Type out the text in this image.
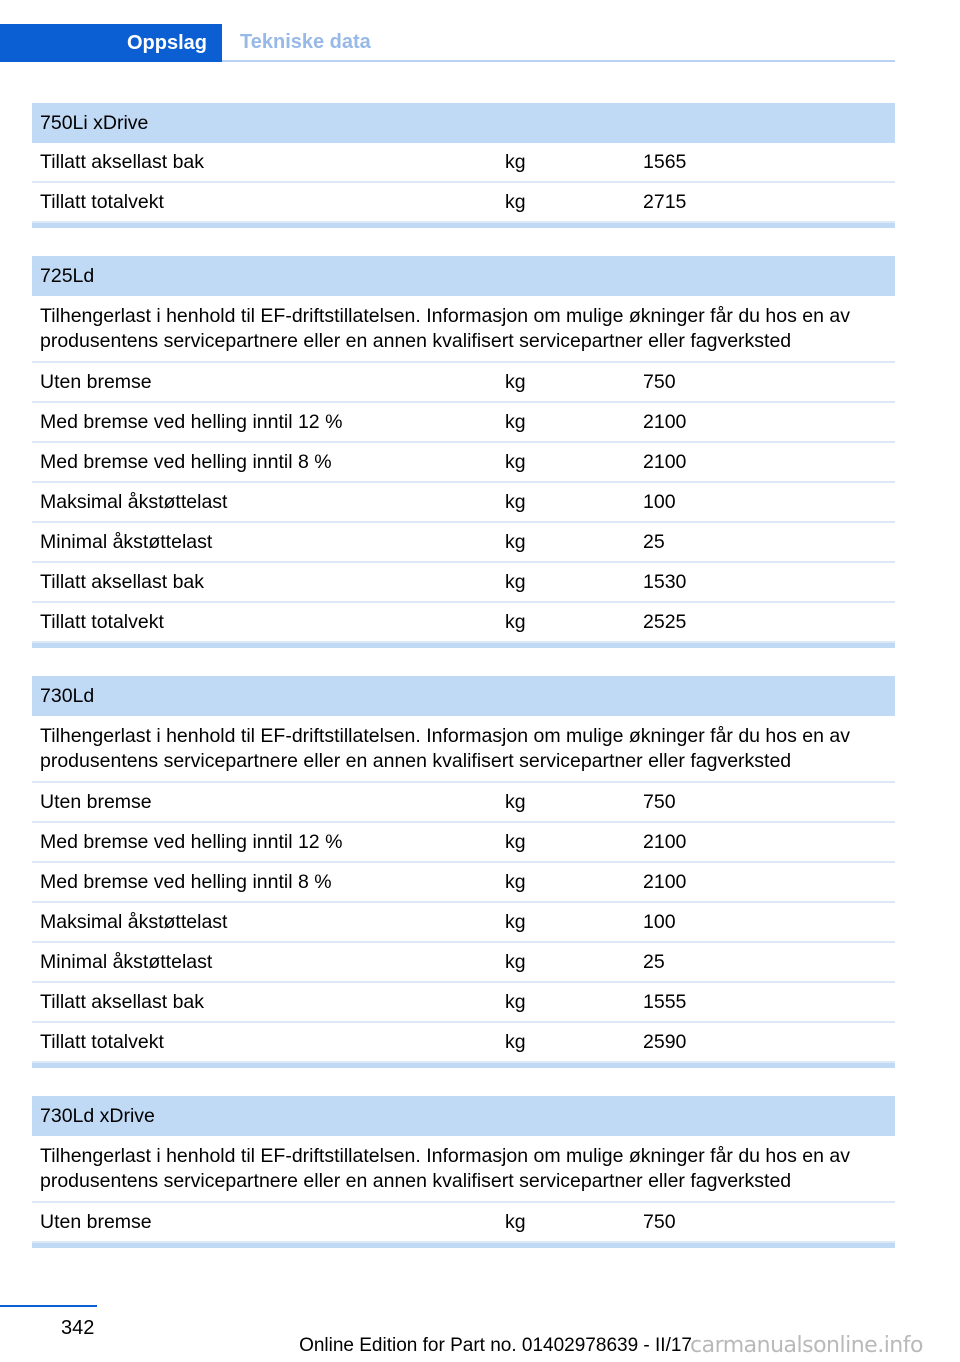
Oppslag	Tekniske data
750Li xDrive
Tillatt aksellast bak	kg	1565
Tillatt totalvekt	kg	2715
725Ld
Tilhengerlast i henhold til EF-driftstillatelsen. Informasjon om mulige økninger får du hos en av produsentens servicepartnere eller en annen kvalifisert servicepartner eller fagverksted
Uten bremse	kg	750
Med bremse ved helling inntil 12 %	kg	2100
Med bremse ved helling inntil 8 %	kg	2100
Maksimal åkstøttelast	kg	100
Minimal åkstøttelast	kg	25
Tillatt aksellast bak	kg	1530
Tillatt totalvekt	kg	2525
730Ld
Tilhengerlast i henhold til EF-driftstillatelsen. Informasjon om mulige økninger får du hos en av produsentens servicepartnere eller en annen kvalifisert servicepartner eller fagverksted
Uten bremse	kg	750
Med bremse ved helling inntil 12 %	kg	2100
Med bremse ved helling inntil 8 %	kg	2100
Maksimal åkstøttelast	kg	100
Minimal åkstøttelast	kg	25
Tillatt aksellast bak	kg	1555
Tillatt totalvekt	kg	2590
730Ld xDrive
Tilhengerlast i henhold til EF-driftstillatelsen. Informasjon om mulige økninger får du hos en av produsentens servicepartnere eller en annen kvalifisert servicepartner eller fagverksted
Uten bremse	kg	750
342
Online Edition for Part no. 01402978639 - II/17
carmanualsonline.info
